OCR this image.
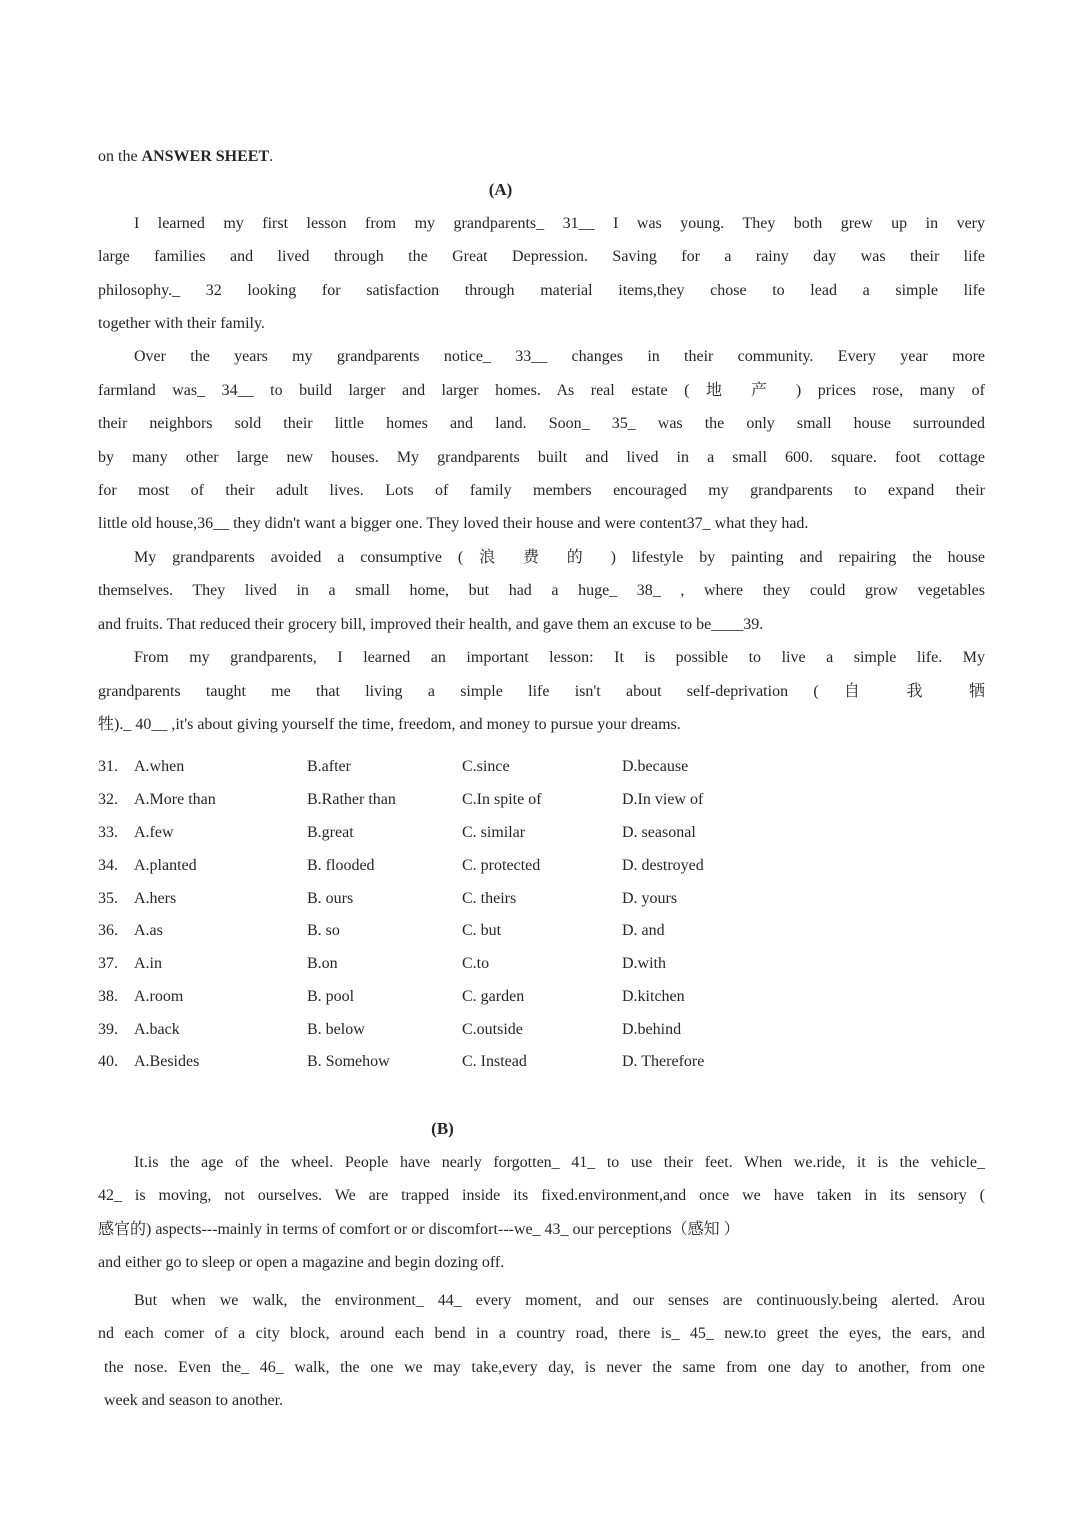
on the ANSWER SHEET.

(A)
I learned my first lesson from my grandparents_ 31__ I was young. They both grew up in very
large families and lived through the Great Depression. Saving for a rainy day was their life
philosophy._ 32 looking for satisfaction through material items,they chose to lead a simple life
together with their family.
Over the years my grandparents notice_ 33__ changes in their community. Every year more
farmland was_ 34__ to build larger and larger homes. As real estate ( 地 产 ) prices rose, many of
their neighbors sold their little homes and land. Soon_ 35_ was the only small house surrounded
by many other large new houses. My grandparents built and lived in a small 600. square. foot cottage
for most of their adult lives. Lots of family members encouraged my grandparents to expand their
little old house,36__ they didn't want a bigger one. They loved their house and were content37_ what they had.
My grandparents avoided a consumptive ( 浪 费 的 ) lifestyle by painting and repairing the house
themselves. They lived in a small home, but had a huge_ 38_ , where they could grow vegetables
and fruits. That reduced their grocery bill, improved their health, and gave them an excuse to be____39.
From my grandparents, I learned an important lesson: It is possible to live a simple life. My
grandparents taught me that living a simple life isn't about self-deprivation ( 自 我 牺
牲)._ 40__ ,it's about giving yourself the time, freedom, and money to pursue your dreams.
31.	A.when	B.after	C.since	D.because
32.	A.More than	B.Rather than	C.In spite of	D.In view of
33.	A.few	B.great	C. similar	D. seasonal
34.	A.planted	B. flooded	C. protected	D. destroyed
35.	A.hers	B. ours	C. theirs	D. yours
36.	A.as	B. so	C. but	D. and
37.	A.in	B.on	C.to	D.with
38.	A.room	B. pool	C. garden	D.kitchen
39.	A.back	B. below	C.outside	D.behind
40.	A.Besides	B. Somehow	C. Instead	D. Therefore
(B)
It.is the age of the wheel. People have nearly forgotten_ 41_ to use their feet. When we.ride, it is the vehicle_
42_ is moving, not ourselves. We are trapped inside its fixed.environment,and once we have taken in its sensory (
感官的) aspects---mainly in terms of comfort or or discomfort---we_ 43_ our perceptions（感知 ）
and either go to sleep or open a magazine and begin dozing off.
But when we walk, the environment_ 44_ every moment, and our senses are continuously.being alerted. Arou
nd each comer of a city block, around each bend in a country road, there is_ 45_ new.to greet the eyes, the ears, and
the nose. Even the_ 46_ walk, the one we may take,every day, is never the same from one day to another, from one
week and season to another.
